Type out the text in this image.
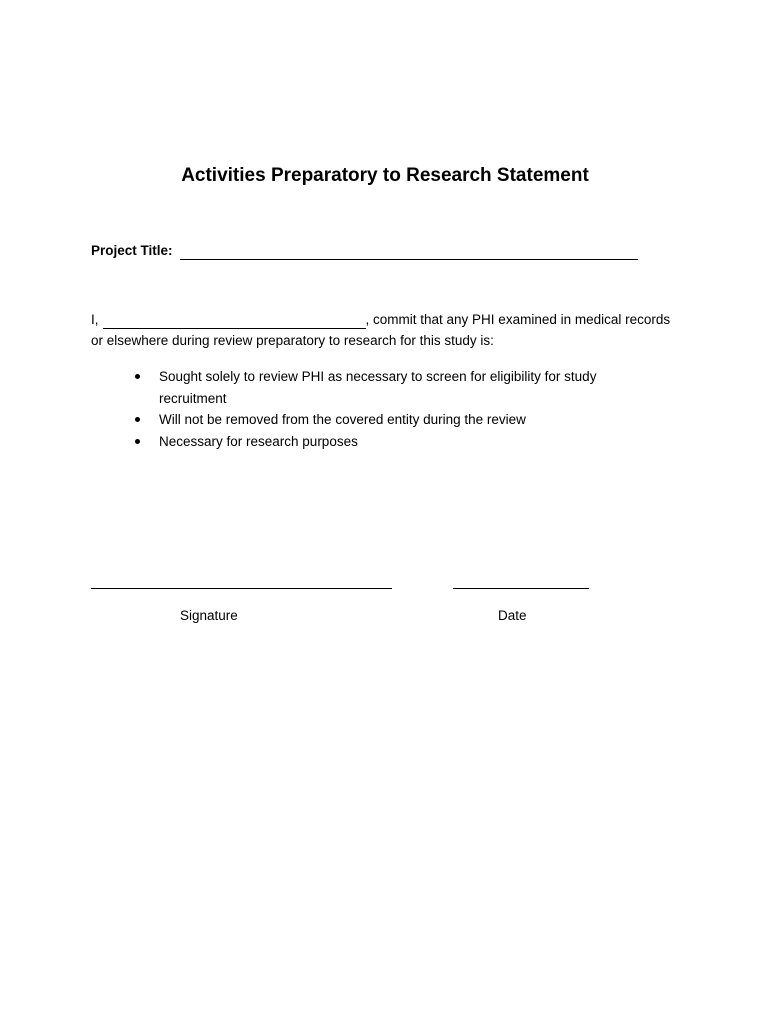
Activities Preparatory to Research Statement
Project Title:
I,	, commit that any PHI examined in medical records
or elsewhere during review preparatory to research for this study is:
Sought solely to review PHI as necessary to screen for eligibility for study recruitment
Will not be removed from the covered entity during the review
Necessary for research purposes
Signature	Date
